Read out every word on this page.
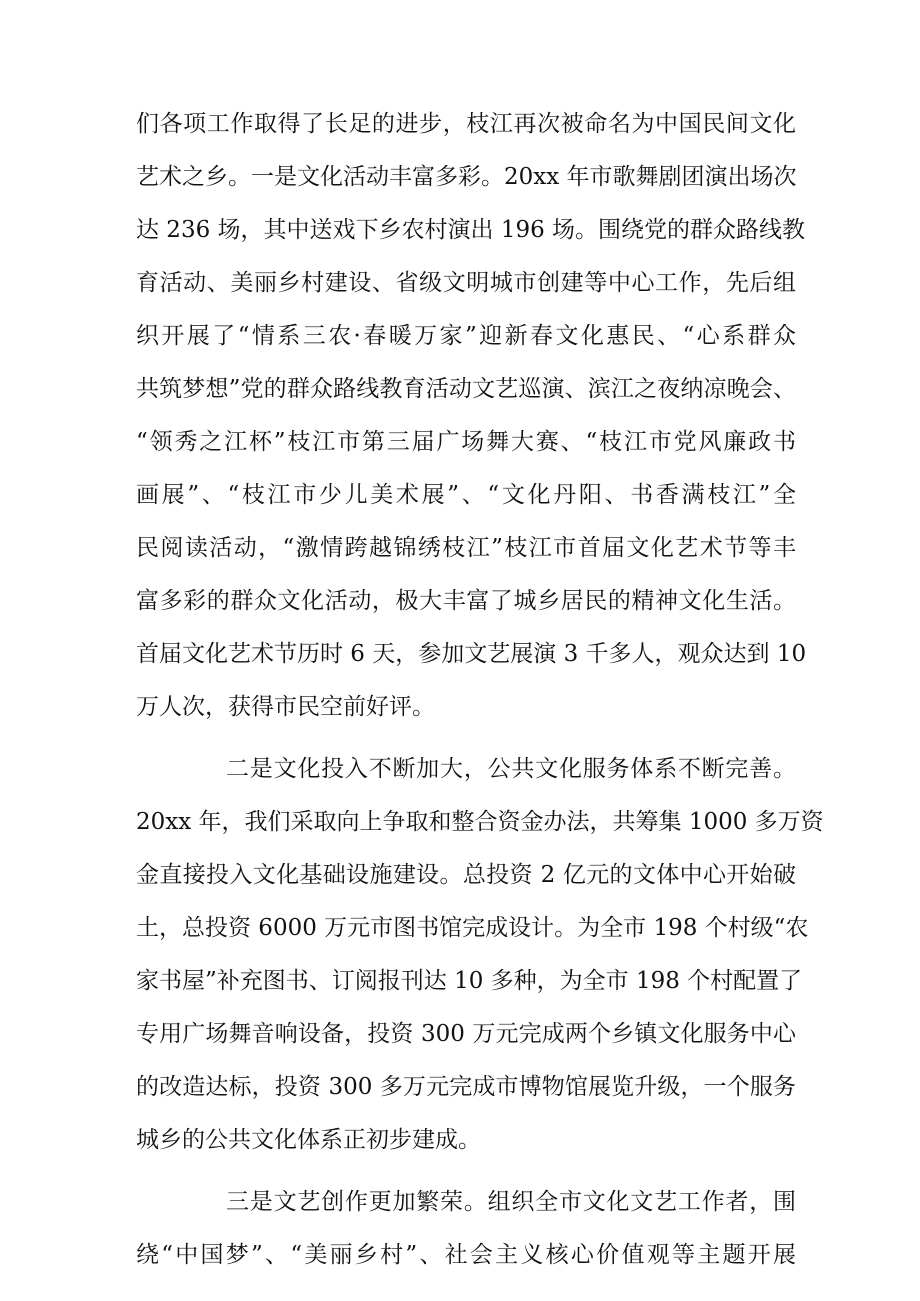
们各项工作取得了长足的进步，枝江再次被命名为中国民间文化
艺术之乡。一是文化活动丰富多彩。20xx 年市歌舞剧团演出场次
达 236 场，其中送戏下乡农村演出 196 场。围绕党的群众路线教
育活动、美丽乡村建设、省级文明城市创建等中心工作，先后组
织开展了“情系三农·春暖万家”迎新春文化惠民、“心系群众
共筑梦想”党的群众路线教育活动文艺巡演、滨江之夜纳凉晚会、
“领秀之江杯”枝江市第三届广场舞大赛、“枝江市党风廉政书
画展”、“枝江市少儿美术展”、“文化丹阳、书香满枝江”全
民阅读活动，“激情跨越锦绣枝江”枝江市首届文化艺术节等丰
富多彩的群众文化活动，极大丰富了城乡居民的精神文化生活。
首届文化艺术节历时 6 天，参加文艺展演 3 千多人，观众达到 10
万人次，获得市民空前好评。
二是文化投入不断加大，公共文化服务体系不断完善。
20xx 年，我们采取向上争取和整合资金办法，共筹集 1000 多万资
金直接投入文化基础设施建设。总投资 2 亿元的文体中心开始破
土，总投资 6000 万元市图书馆完成设计。为全市 198 个村级“农
家书屋”补充图书、订阅报刊达 10 多种，为全市 198 个村配置了
专用广场舞音响设备，投资 300 万元完成两个乡镇文化服务中心
的改造达标，投资 300 多万元完成市博物馆展览升级，一个服务
城乡的公共文化体系正初步建成。
三是文艺创作更加繁荣。组织全市文化文艺工作者，围
绕“中国梦”、“美丽乡村”、社会主义核心价值观等主题开展
